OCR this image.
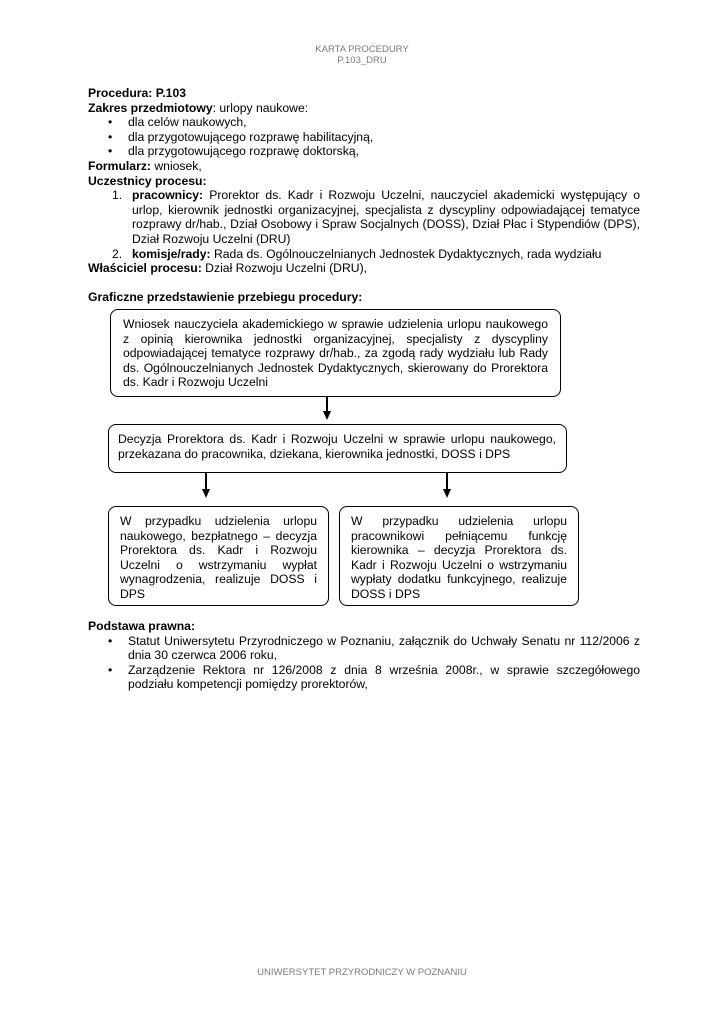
KARTA PROCEDURY
P.103_DRU
Procedura: P.103
Zakres przedmiotowy: urlopy naukowe:
• dla celów naukowych,
• dla przygotowującego rozprawę habilitacyjną,
• dla przygotowującego rozprawę doktorską,
Formularz: wniosek,
Uczestnicy procesu:
1. pracownicy: Prorektor ds. Kadr i Rozwoju Uczelni, nauczyciel akademicki występujący o urlop, kierownik jednostki organizacyjnej, specjalista z dyscypliny odpowiadającej tematyce rozprawy dr/hab., Dział Osobowy i Spraw Socjalnych (DOSS), Dział Płac i Stypendiów (DPS), Dział Rozwoju Uczelni (DRU)
2. komisje/rady: Rada ds. Ogólnouczelnianych Jednostek Dydaktycznych, rada wydziału
Właściciel procesu: Dział Rozwoju Uczelni (DRU),
Graficzne przedstawienie przebiegu procedury:
Wniosek nauczyciela akademickiego w sprawie udzielenia urlopu naukowego z opinią kierownika jednostki organizacyjnej, specjalisty z dyscypliny odpowiadającej tematyce rozprawy dr/hab., za zgodą rady wydziału lub Rady ds. Ogólnouczelnianych Jednostek Dydaktycznych, skierowany do Prorektora ds. Kadr i Rozwoju Uczelni
Decyzja Prorektora ds. Kadr i Rozwoju Uczelni w sprawie urlopu naukowego, przekazana do pracownika, dziekana, kierownika jednostki, DOSS i DPS
W przypadku udzielenia urlopu naukowego, bezpłatnego – decyzja Prorektora ds. Kadr i Rozwoju Uczelni o wstrzymaniu wypłat wynagrodzenia, realizuje DOSS i DPS
W przypadku udzielenia urlopu pracownikowi pełniącemu funkcję kierownika – decyzja Prorektora ds. Kadr i Rozwoju Uczelni o wstrzymaniu wypłaty dodatku funkcyjnego, realizuje DOSS i DPS
Podstawa prawna:
• Statut Uniwersytetu Przyrodniczego w Poznaniu, załącznik do Uchwały Senatu nr 112/2006 z dnia 30 czerwca 2006 roku,
• Zarządzenie Rektora nr 126/2008 z dnia 8 września 2008r., w sprawie szczegółowego podziału kompetencji pomiędzy prorektorów,
UNIWERSYTET PRZYRODNICZY W POZNANIU
